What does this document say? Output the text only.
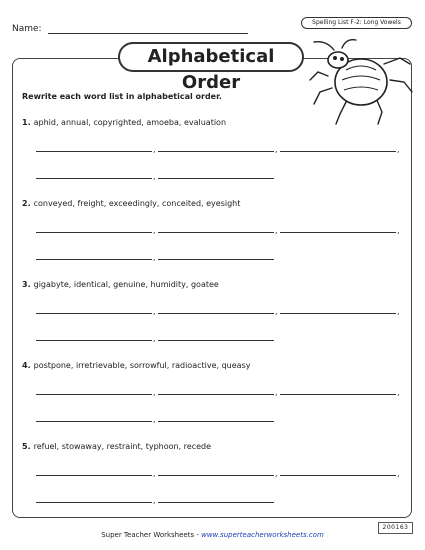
Name:
Spelling List F-2: Long Vowels
Alphabetical Order
Rewrite each word list in alphabetical order.
1. aphid, annual, copyrighted, amoeba, evaluation
,	,	,
,
2. conveyed, freight, exceedingly, conceited, eyesight
,	,	,
,
3. gigabyte, identical, genuine, humidity, goatee
,	,	,
,
4. postpone, irretrievable, sorrowful, radioactive, queasy
,	,	,
,
5. refuel, stowaway, restraint, typhoon, recede
,	,	,
,
Super Teacher Worksheets - www.superteacherworksheets.com
200163
